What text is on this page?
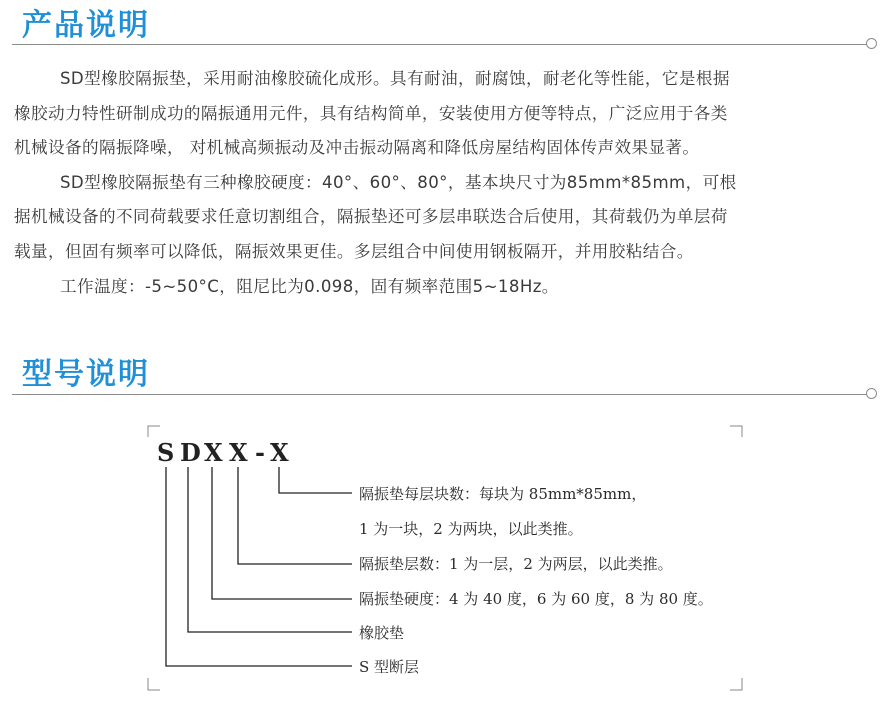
产品说明
SD型橡胶隔振垫，采用耐油橡胶硫化成形。具有耐油，耐腐蚀，耐老化等性能，它是根据
橡胶动力特性研制成功的隔振通用元件，具有结构简单，安装使用方便等特点，广泛应用于各类
机械设备的隔振降噪， 对机械高频振动及冲击振动隔离和降低房屋结构固体传声效果显著。
SD型橡胶隔振垫有三种橡胶硬度：40°、60°、80°，基本块尺寸为85mm*85mm，可根
据机械设备的不同荷载要求任意切割组合，隔振垫还可多层串联迭合后使用，其荷载仍为单层荷
载量，但固有频率可以降低，隔振效果更佳。多层组合中间使用钢板隔开，并用胶粘结合。
工作温度：-5~50°C，阻尼比为0.098，固有频率范围5~18Hz。
型号说明
S D X X - X

隔振垫每层块数：每块为 85mm*85mm，

1 为一块，2 为两块，以此类推。

隔振垫层数：1 为一层，2 为两层，以此类推。

隔振垫硬度：4 为 40 度，6 为 60 度，8 为 80 度。

橡胶垫

S 型断层
